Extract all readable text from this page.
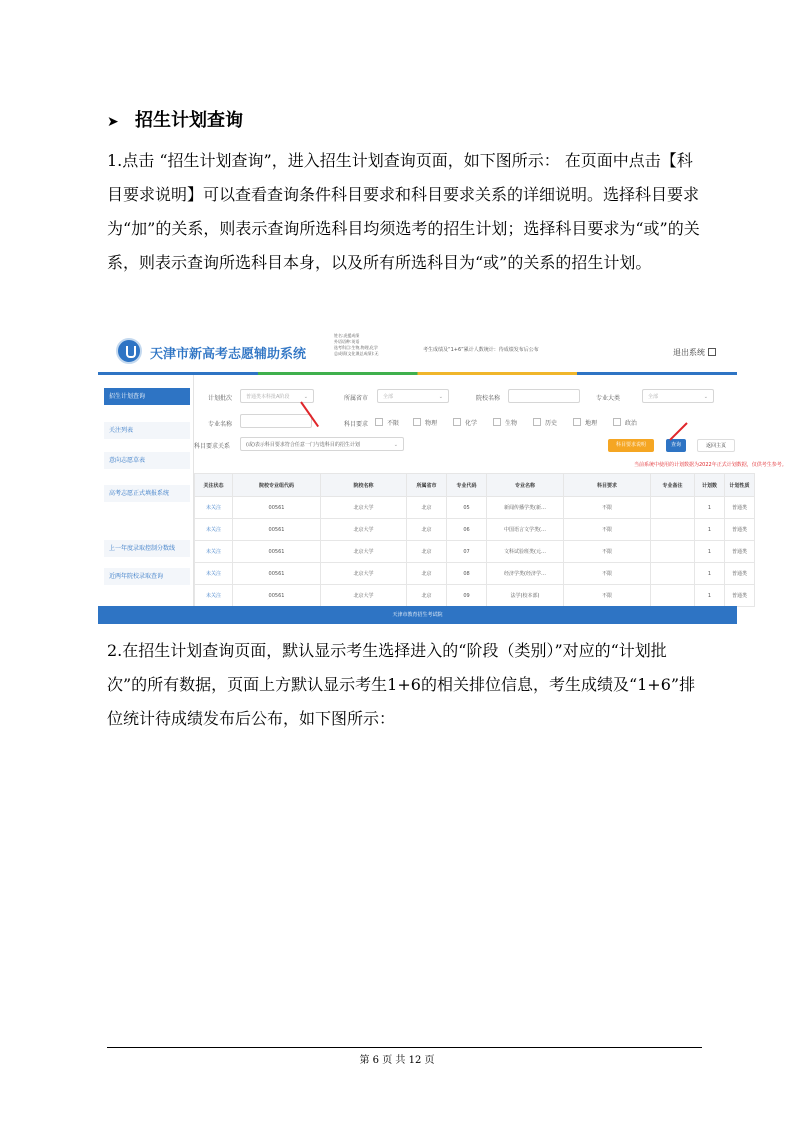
➤ 招生计划查询

1.点击 “招生计划查询”，进入招生计划查询页面，如下图所示： 在页面中点击【科目要求说明】可以查看查询条件科目要求和科目要求关系的详细说明。选择科目要求为“加”的关系，则表示查询所选科目均须选考的招生计划；选择科目要求为“或”的关系，则表示查询所选科目本身，以及所有所选科目为“或”的关系的招生计划。

天津市新高考志愿辅助系统
姓名:虎援成绩
外语语种:英语
选考科目:生物,物理,化学
总成绩(文化课总成绩):无
考生成绩及“1+6”累计人数统计：待成绩发布后公布	退出系统
招生计划查询
关注列表
意向志愿草表
高考志愿正式填报系统
上一年度录取控制分数线
近两年院校录取查询
计划批次	普通类本科批A阶段	⌄	所属省市	全部	⌄	院校名称	专业大类	全部	⌄
专业名称	科目要求	不限	物理	化学	生物	历史	地理	政治
科目要求关系	(或)表示科目要求符合任意一门与选科目的招生计划	⌄	科目要求说明	查询	返回主页
当前系统中使用的计划数据为2022年正式计划数据，仅供考生参考。
关注状态	院校专业组代码	院校名称	所属省市	专业代码	专业名称	科目要求	专业备注	计划数	计划性质
未关注	00561	北京大学	北京	05	新闻传播学类(新…	不限		1	普通类
未关注	00561	北京大学	北京	06	中国语言文学类(…	不限		1	普通类
未关注	00561	北京大学	北京	07	文科试验班类(元…	不限		1	普通类
未关注	00561	北京大学	北京	08	经济学类(经济学…	不限		1	普通类
未关注	00561	北京大学	北京	09	法学(校本部)	不限		1	普通类
天津市教育招生考试院

2.在招生计划查询页面，默认显示考生选择进入的“阶段（类别）”对应的“计划批次”的所有数据，页面上方默认显示考生1+6的相关排位信息，考生成绩及“1+6”排位统计待成绩发布后公布，如下图所示：

第 6 页 共 12 页
